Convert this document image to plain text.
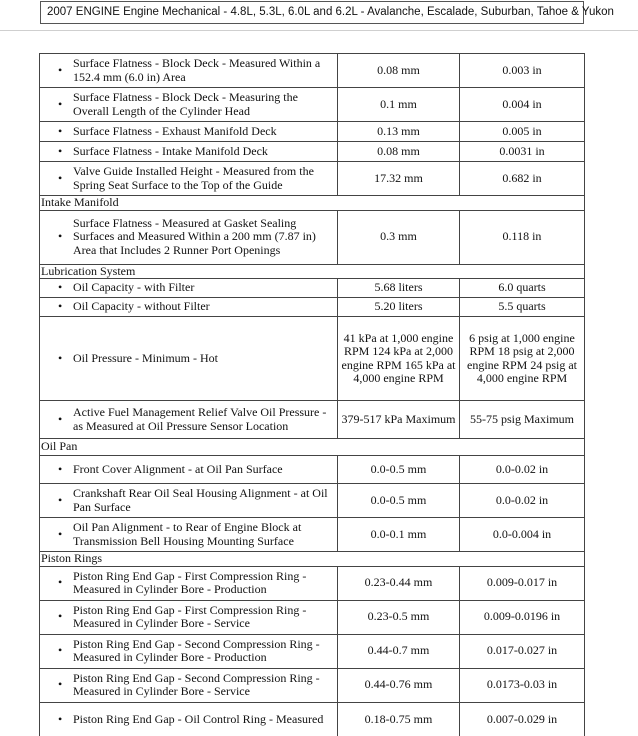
2007 ENGINE Engine Mechanical - 4.8L, 5.3L, 6.0L and 6.2L - Avalanche, Escalade, Suburban, Tahoe & Yukon
• Surface Flatness - Block Deck - Measured Within a 152.4 mm (6.0 in) Area	0.08 mm	0.003 in

• Surface Flatness - Block Deck - Measuring the Overall Length of the Cylinder Head	0.1 mm	0.004 in

• Surface Flatness - Exhaust Manifold Deck	0.13 mm	0.005 in

• Surface Flatness - Intake Manifold Deck	0.08 mm	0.0031 in

• Valve Guide Installed Height - Measured from the Spring Seat Surface to the Top of the Guide	17.32 mm	0.682 in
Intake Manifold		

•
Surface Flatness - Measured at Gasket Sealing Surfaces and Measured Within a 200 mm (7.87 in) Area that Includes 2 Runner Port Openings	0.3 mm	0.118 in
Lubrication System		

• Oil Capacity - with Filter	5.68 liters	6.0 quarts

• Oil Capacity - without Filter	5.20 liters	5.5 quarts

• Oil Pressure - Minimum - Hot	41 kPa at 1,000 engine RPM 124 kPa at 2,000 engine RPM 165 kPa at 4,000 engine RPM	6 psig at 1,000 engine RPM 18 psig at 2,000 engine RPM 24 psig at 4,000 engine RPM

• Active Fuel Management Relief Valve Oil Pressure - as Measured at Oil Pressure Sensor Location	379-517 kPa Maximum	55-75 psig Maximum
Oil Pan		

• Front Cover Alignment - at Oil Pan Surface	0.0-0.5 mm	0.0-0.02 in

• Crankshaft Rear Oil Seal Housing Alignment - at Oil Pan Surface	0.0-0.5 mm	0.0-0.02 in

• Oil Pan Alignment - to Rear of Engine Block at Transmission Bell Housing Mounting Surface	0.0-0.1 mm	0.0-0.004 in
Piston Rings		

• Piston Ring End Gap - First Compression Ring - Measured in Cylinder Bore - Production	0.23-0.44 mm	0.009-0.017 in

• Piston Ring End Gap - First Compression Ring - Measured in Cylinder Bore - Service	0.23-0.5 mm	0.009-0.0196 in

• Piston Ring End Gap - Second Compression Ring - Measured in Cylinder Bore - Production	0.44-0.7 mm	0.017-0.027 in

• Piston Ring End Gap - Second Compression Ring - Measured in Cylinder Bore - Service	0.44-0.76 mm	0.0173-0.03 in

• Piston Ring End Gap - Oil Control Ring - Measured	0.18-0.75 mm	0.007-0.029 in
